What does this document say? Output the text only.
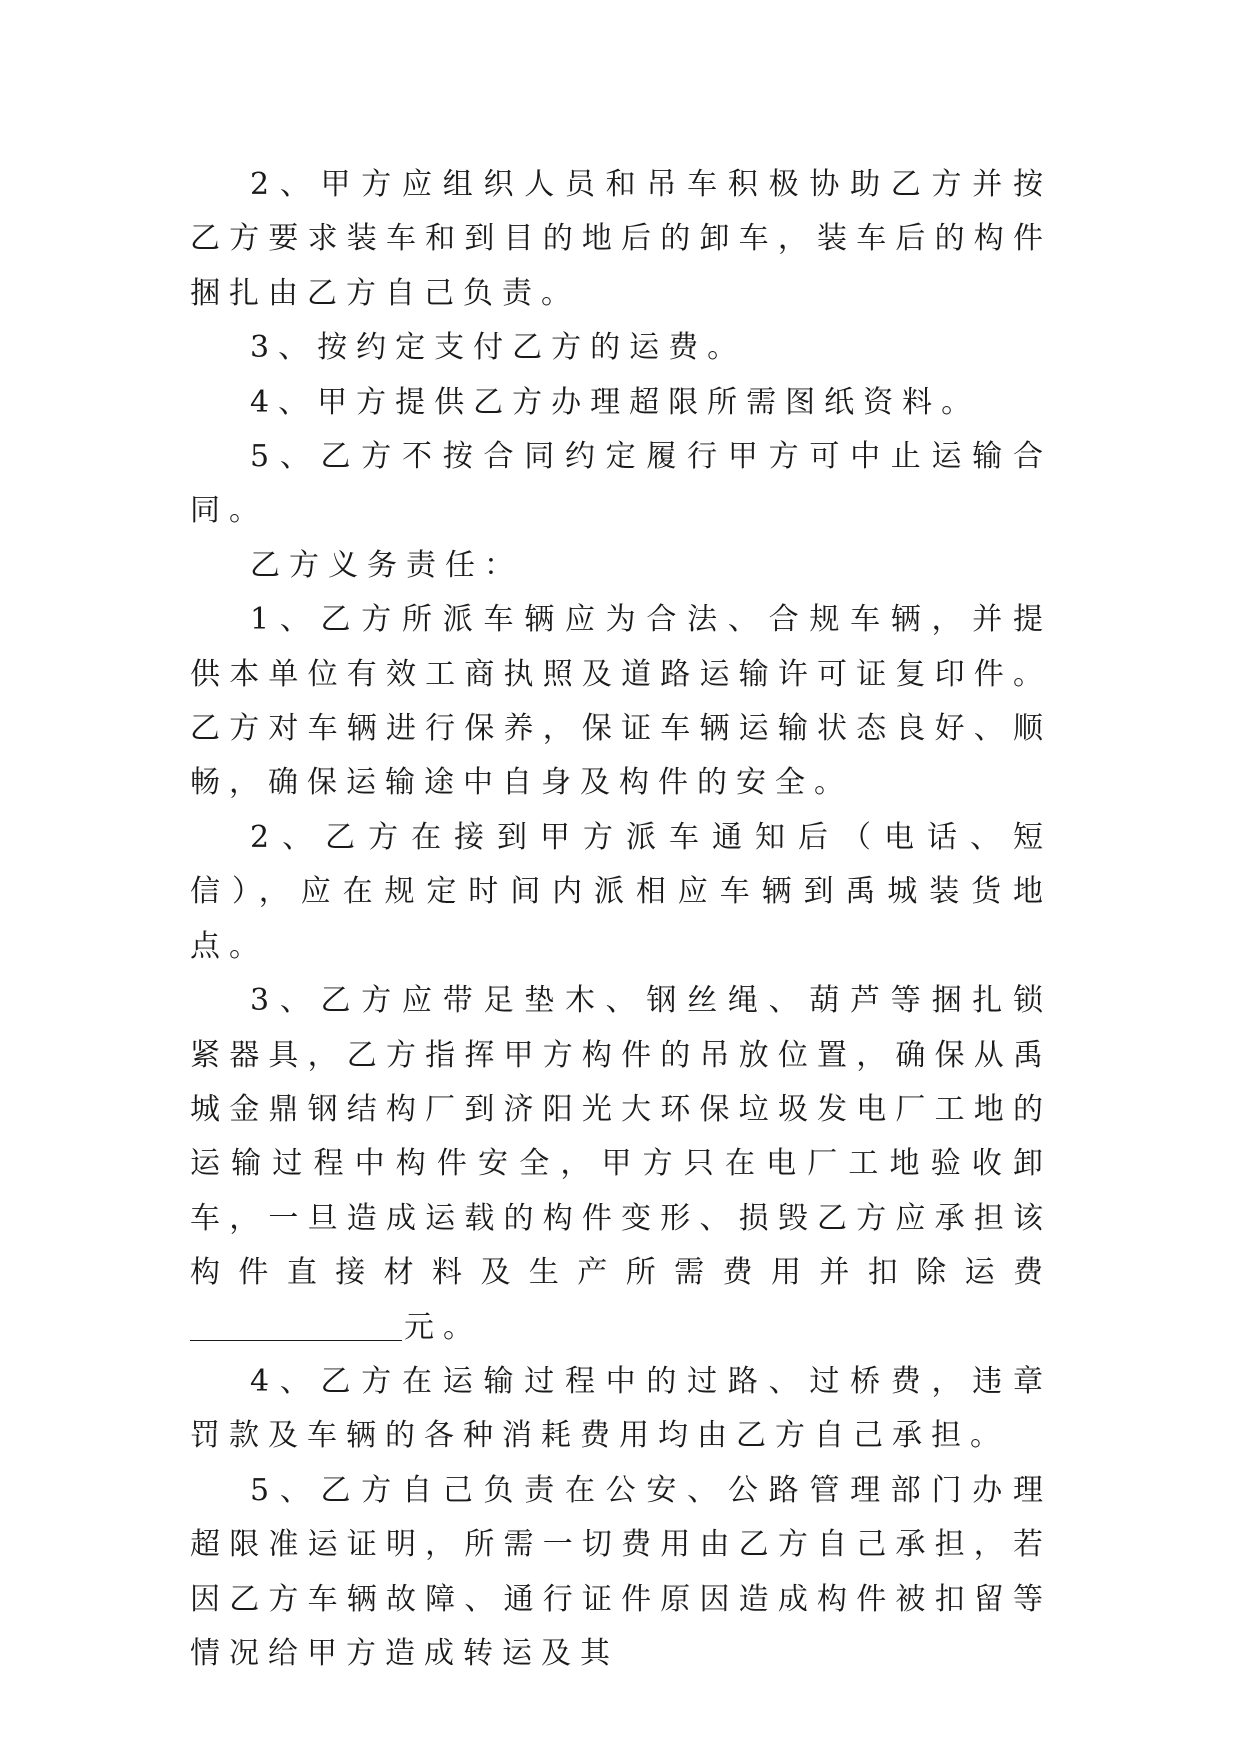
2、甲方应组织人员和吊车积极协助乙方并按乙方要求装车和到目的地后的卸车，装车后的构件捆扎由乙方自己负责。

3、按约定支付乙方的运费。

4、甲方提供乙方办理超限所需图纸资料。

5、乙方不按合同约定履行甲方可中止运输合同。

乙方义务责任：

1、乙方所派车辆应为合法、合规车辆，并提供本单位有效工商执照及道路运输许可证复印件。乙方对车辆进行保养，保证车辆运输状态良好、顺畅，确保运输途中自身及构件的安全。

2、乙方在接到甲方派车通知后（电话、短信），应在规定时间内派相应车辆到禹城装货地点。

3、乙方应带足垫木、钢丝绳、葫芦等捆扎锁紧器具，乙方指挥甲方构件的吊放位置，确保从禹城金鼎钢结构厂到济阳光大环保垃圾发电厂工地的运输过程中构件安全，甲方只在电厂工地验收卸车，一旦造成运载的构件变形、损毁乙方应承担该构件直接材料及生产所需费用并扣除运费元。

4、乙方在运输过程中的过路、过桥费，违章罚款及车辆的各种消耗费用均由乙方自己承担。

5、乙方自己负责在公安、公路管理部门办理超限准运证明，所需一切费用由乙方自己承担，若因乙方车辆故障、通行证件原因造成构件被扣留等情况给甲方造成转运及其
